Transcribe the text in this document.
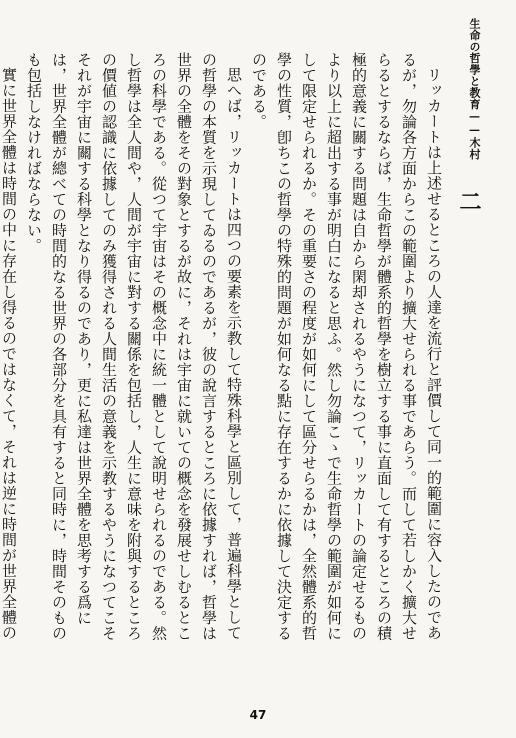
生命の哲學と教育——木村
二

リッカートは上述せるところの人達を流行と評價して同一的範圍に容入したのであるが，勿論各方面からこの範圍より擴大せられる事であらう。而して若しかく擴大せらるとするならば，生命哲學が體系的哲學を樹立する事に直面して有するところの積極的意義に關する問題は自から閑却されるやうになつて，リッカートの論定せるものより以上に超出する事が明白になると思ふ。然し勿論こゝで生命哲學の範圍が如何にして限定せられるか。その重要さの程度が如何にして區分せらるかは，全然體系的哲學の性質，卽ちこの哲學の特殊的問題が如何なる點に存在するかに依據して決定するのである。

思へば，リッカートは四つの要素を示教して特殊科學と區別して，普遍科學としての哲學の本質を示現してゐるのであるが，彼の說言するところに依據すれば，哲學は世界の全體をその對象とするが故に，それは宇宙に就いての概念を發展せしむるところの科學である。從つて宇宙はその概念中に統一體として說明せられるのである。然し哲學は全人間や，人間が宇宙に對する關係を包括し，人生に意味を附與するところの價値の認識に依據してのみ獲得される人間生活の意義を示教するやうになつてこそそれが宇宙に關する科學となり得るのであり，更に私達は世界全體を思考する爲には，世界全體が總べての時間的なる世界の各部分を具有すると同時に，時間そのものも包括しなければならない。

實に世界全體は時間の中に存在し得るのではなくて，それは逆に時間が世界全體の

47
